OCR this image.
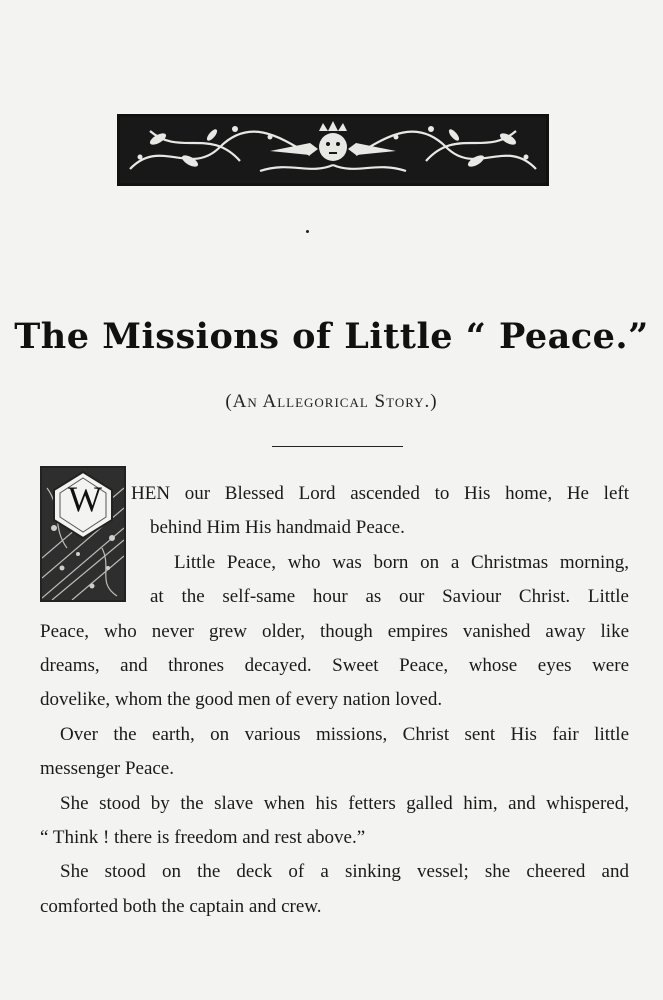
The Missions of Little “ Peace.”
(An Allegorical Story.)
W	HEN our Blessed Lord ascended to His home, He left
behind Him His handmaid Peace.
Little Peace, who was born on a Christmas morning,
at the self-same hour as our Saviour Christ. Little
Peace, who never grew older, though empires vanished away like
dreams, and thrones decayed. Sweet Peace, whose eyes were
dovelike, whom the good men of every nation loved.
Over the earth, on various missions, Christ sent His fair little
messenger Peace.
She stood by the slave when his fetters galled him, and whispered,
“ Think ! there is freedom and rest above.”
She stood on the deck of a sinking vessel; she cheered and
comforted both the captain and crew.
